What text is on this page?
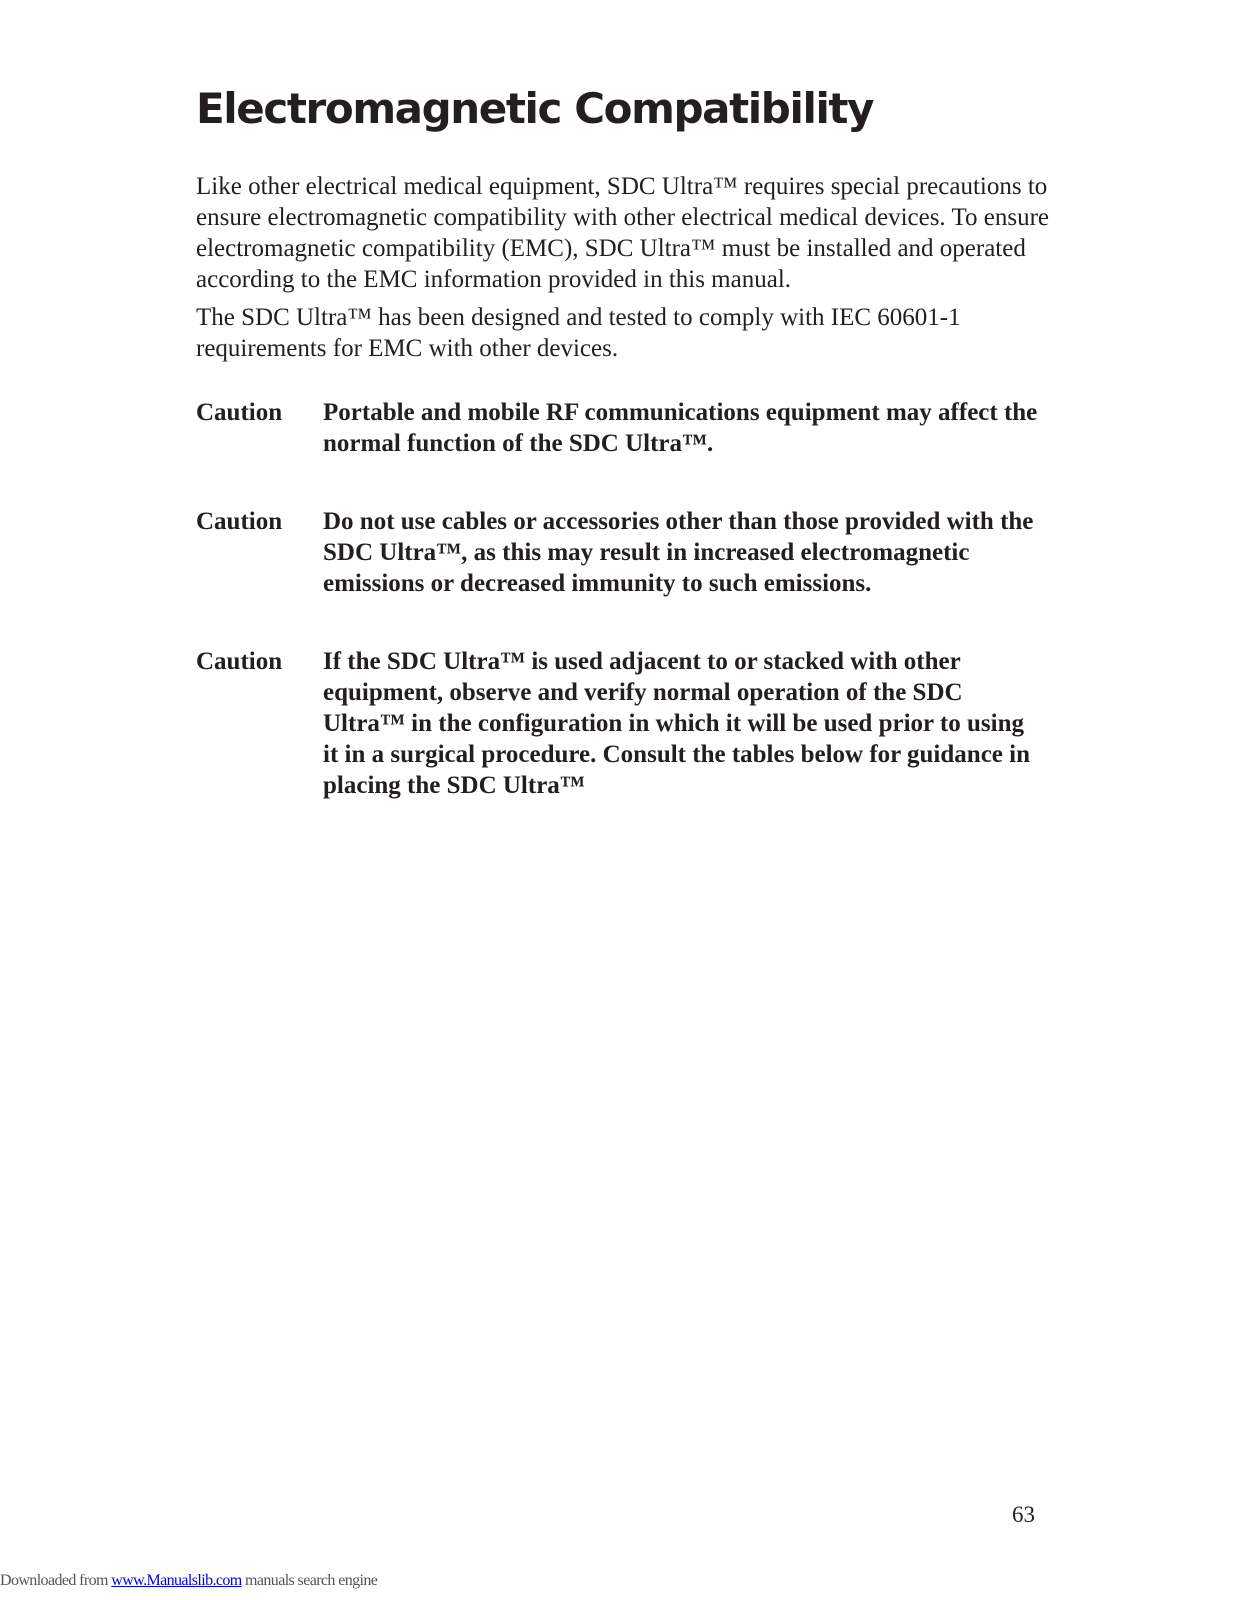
Electromagnetic Compatibility

Like other electrical medical equipment, SDC Ultra™ requires special precautions to ensure electromagnetic compatibility with other electrical medical devices. To ensure electromagnetic compatibility (EMC), SDC Ultra™ must be installed and operated according to the EMC information provided in this manual.

The SDC Ultra™ has been designed and tested to comply with IEC 60601-1 requirements for EMC with other devices.

Caution Portable and mobile RF communications equipment may affect the normal function of the SDC Ultra™.
Caution Do not use cables or accessories other than those provided with the SDC Ultra™, as this may result in increased electromagnetic emissions or decreased immunity to such emissions.
Caution If the SDC Ultra™ is used adjacent to or stacked with other equipment, observe and verify normal operation of the SDC Ultra™ in the configuration in which it will be used prior to using it in a surgical procedure. Consult the tables below for guidance in placing the SDC Ultra™
63
Downloaded from www.Manualslib.com manuals search engine
